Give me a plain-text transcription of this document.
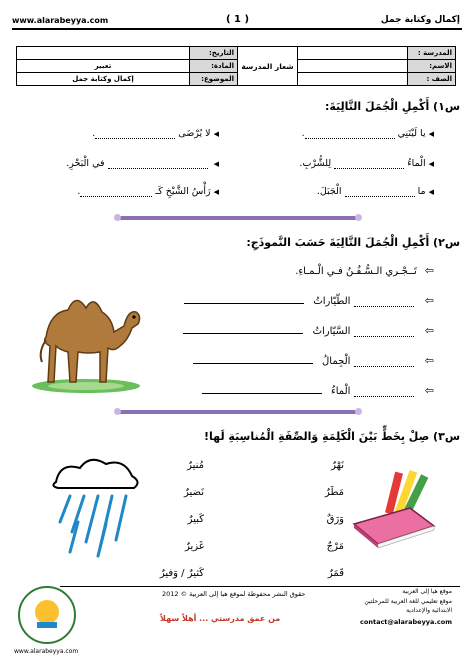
www.alarabeyya.com	( 1 )	إكمال وكتابة جمل
المدرسة :		شعار المدرسة	التاريخ:	
الاسم:			المادة:	تعبير
الصف :			الموضوع:	إكمال وكتابة جمل
س١) أَكْمِلِ الْجُمَلَ التَّالِيَةَ:
◀يا لَيْتَنِي .
◀لا يُرْضَى .
◀الْماءُ  لِلشُّرْبِ.
◀  في الْبَحْرِ.
◀ما  الْجَبَلَ.
◀رَأْسُ الشَّيْخِ كَـ .
س٢) أَكْمِلِ الْجُمَلَ التَّالِيَةَ حَسَبَ النَّموذَجِ:
⇦تَــجْـري الـسُّـفُـنُ فـي الْـمـاءِ.
⇦  الطّيّاراتُ
⇦  السَّيّاراتُ
⇦  الْجِمالُ
⇦  الْماءُ
س٣) صِلْ بِخَطٍّ بَيْنَ الْكَلِمَةِ وَالصِّفَةِ الْمُناسِبَةِ لَها!
نَهْرٌ
مَطَرٌ
وَرَقٌ
مَرْجٌ
قَمَرٌ
مُنيرٌ
نَضيرٌ
كَبيرٌ
غَزيرٌ
كَثيرٌ / وَفيرٌ
www.alarabeyya.com
حقوق النشر محفوظة لموقع هيا إلى العربية © 2012
من عمق مدرستي ... أهلاً سهلاً
موقع هيا إلى العربية
موقع تعليمي للغة العربية للمرحلتين
الابتدائية والإعدادية
contact@alarabeyya.com
